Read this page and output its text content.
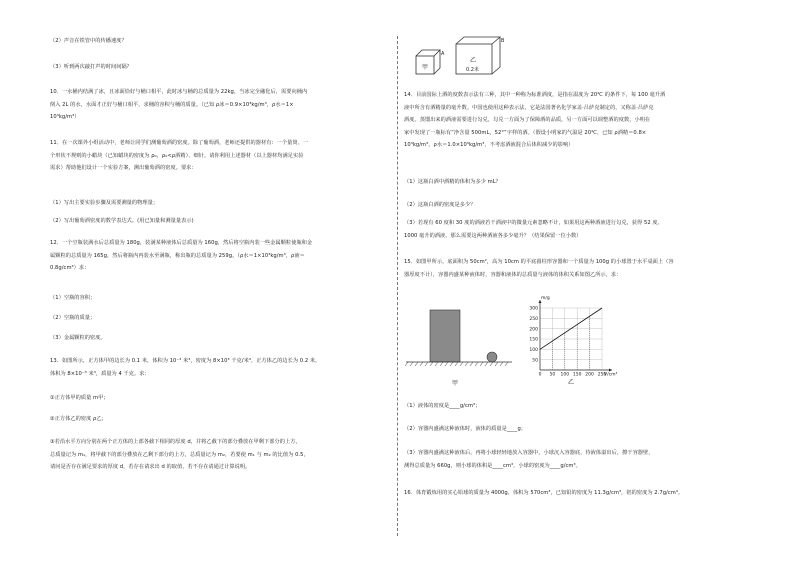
（2）声音在铁管中的传播速度？
（3）听到两次敲打声的时间间隔？
10．一水桶内结满了冰，且冰面恰好与桶口相平，此时冰与桶的总质量为 22kg，当冰完全融化后，需要向桶内
倒入 2L 的水，水面才正好与桶口相平，求桶的容积与桶的质量。（已知 ρ冰＝0.9×10³kg/m³，ρ水＝1×
10³kg/m³）
11．在一次课外小组活动中，老师让同学们测葡萄酒的密度。除了葡萄酒，老师还提供的器材有：一个量筒、一
个形状不规则的小蜡块（已知蜡块的密度为 ρ₀，ρ₀<ρ酒精）、细针。请你利用上述器材（以上器材均满足实验
需求）帮助他们设计一个实验方案，测出葡萄酒的密度。要求：
（1）写出主要实验步骤及需要测量的物理量；
（2）写出葡萄酒密度的数学表达式。(用已知量和测量量表示)
12．一个空瓶装满水后总质量为 180g，装满某种液体后总质量为 160g，然后将空瓶内装一些金属颗粒使瓶和金
属颗粒的总质量为 165g，然后将瓶内再装水至满瓶，称出瓶的总质量为 259g。（ρ水＝1×10³kg/m³，ρ液＝
0.8g/cm³）求：
（1）空瓶的容积；
（2）空瓶的质量；
（3）金属颗粒的密度。
13．如图所示，正方体甲的边长为 0.1 米，体积为 10⁻³ 米³，密度为 8×10³ 千克/米³，正方体乙的边长为 0.2 米，
体积为 8×10⁻³ 米³，质量为 4 千克。求：
①正方体甲的质量 m甲；
②正方体乙的密度 ρ乙；
③若沿水平方向分别在两个正方体的上部各截下相同的厚度 d，并将乙截下的部分叠放在甲剩下部分的上方，
总质量记为 m₁，将甲截下的部分叠放在乙剩下部分的上方，总质量记为 m₂，若要使 m₁ 与 m₂ 的比值为 0.5，
请问是否存在满足要求的厚度 d，若存在请求出 d 的取值，若不存在请通过计算说明。
14．目前国际上酒的度数表示法有三种，其中一种称为标准酒度，是指在温度为 20℃ 的条件下，每 100 毫升酒
液中所含有酒精量的毫升数。中国也使用这种表示法，它是法国著名化学家盖·吕萨克制定的，又称盖·吕萨克
酒度。蒸馏出来的酒液需要进行勾兑，勾兑一方面为了保障酒的品质，另一方面可以调整酒的度数，小明在
家中发现了一瓶标有“净含量 500mL，52°”字样的酒。（假设小明家的气温是 20℃，已知 ρ酒精＝0.8×
10³kg/m³，ρ水＝1.0×10³kg/m³，不考虑酒液混合后体积减少的影响）
（1）这瓶白酒中酒精的体积为多少 mL？
（2）这瓶白酒的密度是多少？
（3）若现有 60 度和 30 度的酒液若干酒液中的微量元素忽略不计，如果用这两种酒液进行勾兑，获得 52 度、
1000 毫升的酒液，那么需要这两种酒液各多少毫升？（结果保留一位小数）
15．如图甲所示，底面积为 50cm²，高为 10cm 的平底圆柱形容器和一个质量为 100g 的小球置于水平桌面上（容
器厚度不计），容器内盛某种液体时，容器和液体的总质量与液体的体积关系如图乙所示，求：
（1）液体的密度是____g/cm³；
（2）容器内盛满这种液体时，液体的质量是____g；
（3）容器内盛满这种液体后，再将小球轻轻地放入容器中，小球沉入容器底，待液体溢出后，擦干容器壁，
测得总质量为 660g，则小球的体积是____cm³，小球的密度为____g/cm³。
16．体育锻炼用的实心铅球的质量为 4000g，体积为 570cm³，已知铅的密度为 11.3g/cm³，铝的密度为 2.7g/cm³。
甲
A
乙
0.2米
B
甲
50
100
150
200
250
300
0 50 100 150 200 250
m/g
V/cm³
乙
